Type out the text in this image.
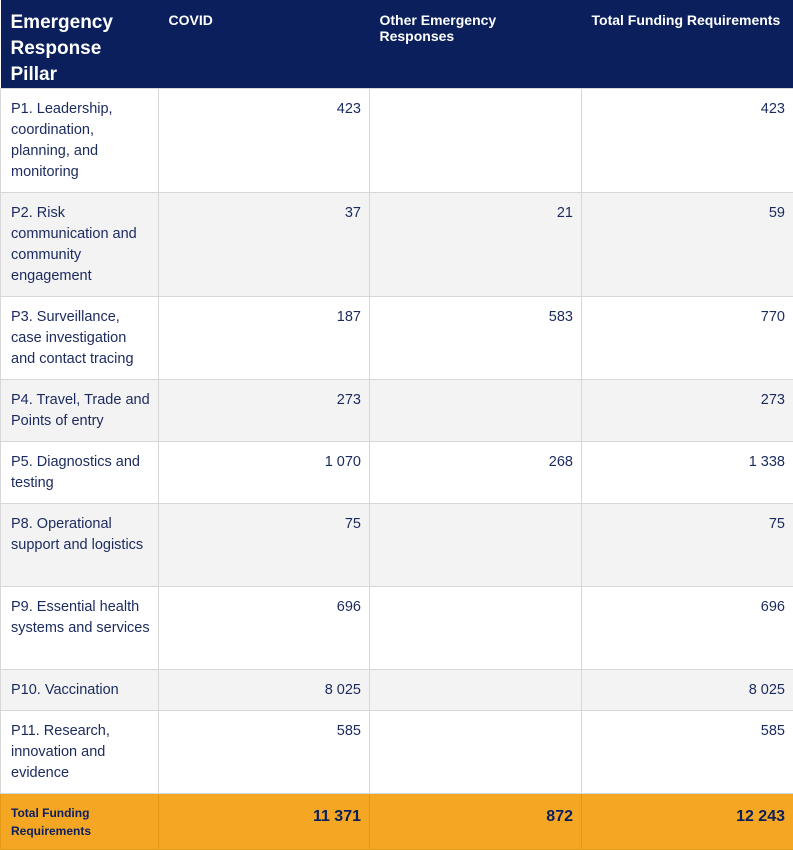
Emergency Response Pillar	COVID	Other Emergency Responses	Total Funding Requirements
P1. Leadership, coordination, planning, and monitoring	423		423
P2. Risk communication and community engagement	37	21	59
P3. Surveillance, case investigation and contact tracing	187	583	770
P4. Travel, Trade and Points of entry	273		273
P5. Diagnostics and testing	1 070	268	1 338
P8. Operational support and logistics	75		75
P9. Essential health systems and services	696		696
P10. Vaccination	8 025		8 025
P11. Research, innovation and evidence	585		585
Total Funding Requirements	11 371	872	12 243
